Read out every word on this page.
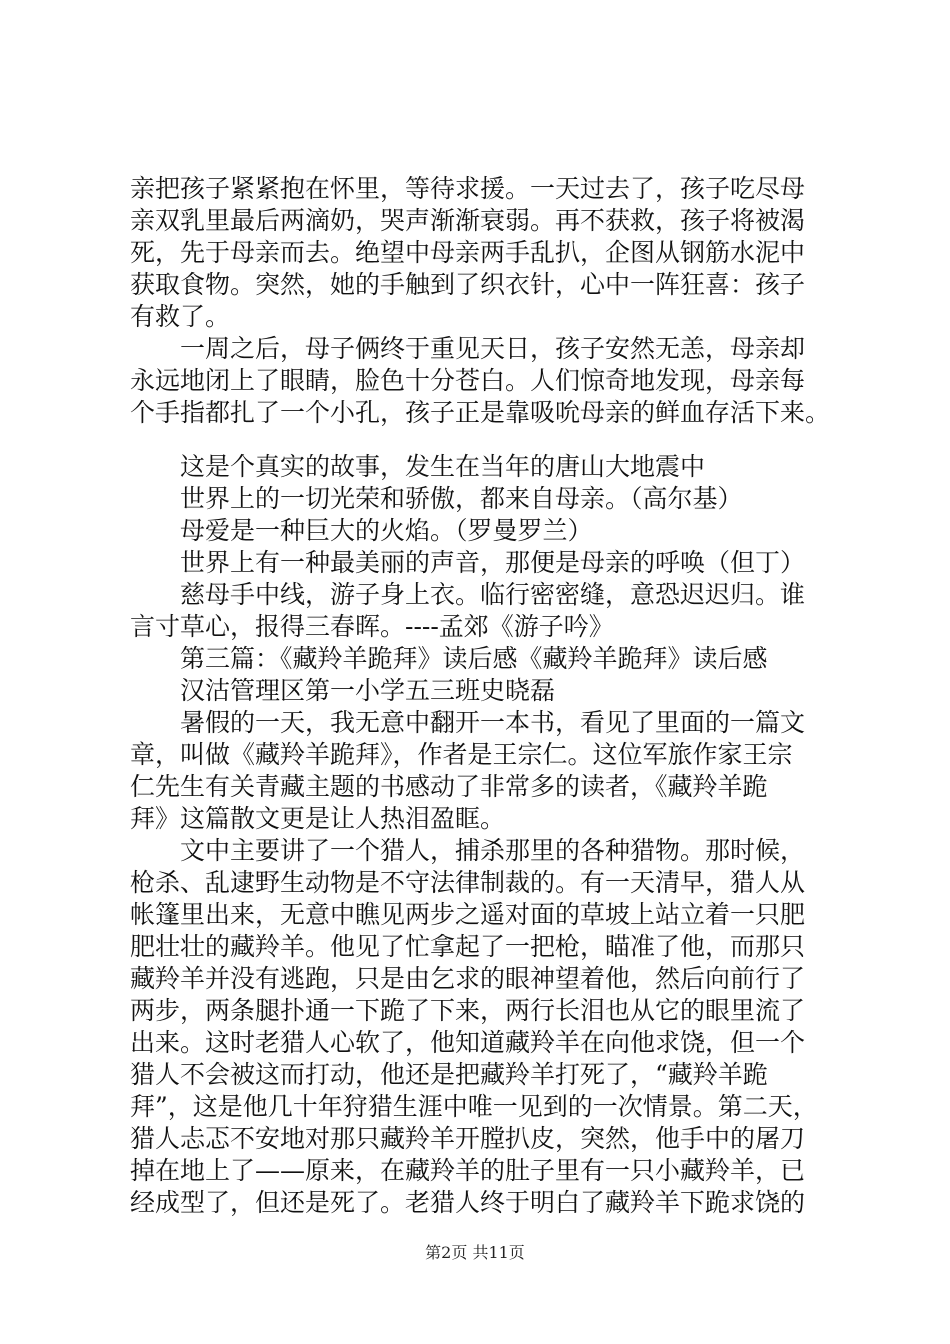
亲把孩子紧紧抱在怀里，等待求援。一天过去了，孩子吃尽母
亲双乳里最后两滴奶，哭声渐渐衰弱。再不获救，孩子将被渴
死，先于母亲而去。绝望中母亲两手乱扒，企图从钢筋水泥中
获取食物。突然，她的手触到了织衣针，心中一阵狂喜：孩子
有救了。
　　一周之后，母子俩终于重见天日，孩子安然无恙，母亲却
永远地闭上了眼睛，脸色十分苍白。人们惊奇地发现，母亲每
个手指都扎了一个小孔，孩子正是靠吸吮母亲的鲜血存活下来。
　　这是个真实的故事，发生在当年的唐山大地震中
　　世界上的一切光荣和骄傲，都来自母亲。（高尔基）
　　母爱是一种巨大的火焰。（罗曼罗兰）
　　世界上有一种最美丽的声音，那便是母亲的呼唤（但丁）
　　慈母手中线，游子身上衣。临行密密缝，意恐迟迟归。谁
言寸草心，报得三春晖。----孟郊《游子吟》
　　第三篇：《藏羚羊跪拜》读后感《藏羚羊跪拜》读后感
　　汉沽管理区第一小学五三班史晓磊
　　暑假的一天，我无意中翻开一本书，看见了里面的一篇文
章，叫做《藏羚羊跪拜》，作者是王宗仁。这位军旅作家王宗
仁先生有关青藏主题的书感动了非常多的读者，《藏羚羊跪
拜》这篇散文更是让人热泪盈眶。
　　文中主要讲了一个猎人，捕杀那里的各种猎物。那时候，
枪杀、乱逮野生动物是不守法律制裁的。有一天清早，猎人从
帐篷里出来，无意中瞧见两步之遥对面的草坡上站立着一只肥
肥壮壮的藏羚羊。他见了忙拿起了一把枪，瞄准了他，而那只
藏羚羊并没有逃跑，只是由乞求的眼神望着他，然后向前行了
两步，两条腿扑通一下跪了下来，两行长泪也从它的眼里流了
出来。这时老猎人心软了，他知道藏羚羊在向他求饶，但一个
猎人不会被这而打动，他还是把藏羚羊打死了，“藏羚羊跪
拜”，这是他几十年狩猎生涯中唯一见到的一次情景。第二天，
猎人忐忑不安地对那只藏羚羊开膛扒皮，突然，他手中的屠刀
掉在地上了——原来，在藏羚羊的肚子里有一只小藏羚羊，已
经成型了，但还是死了。老猎人终于明白了藏羚羊下跪求饶的
第2页 共11页
